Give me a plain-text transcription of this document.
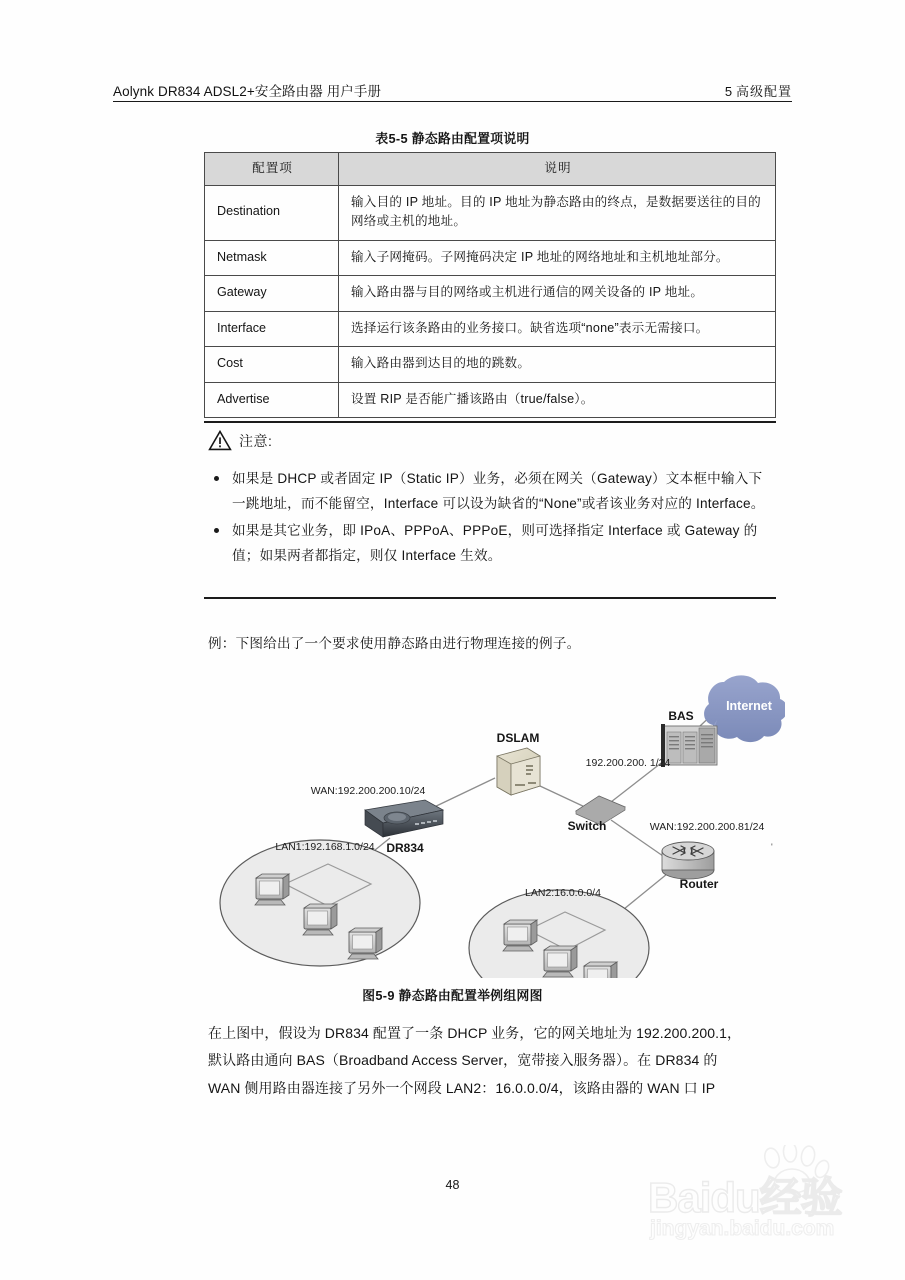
Aolynk DR834 ADSL2+安全路由器 用户手册	5 高级配置
表5-5 静态路由配置项说明
配置项	说明
Destination	输入目的 IP 地址。目的 IP 地址为静态路由的终点，是数据要送往的目的网络或主机的地址。
Netmask	输入子网掩码。子网掩码决定 IP 地址的网络地址和主机地址部分。
Gateway	输入路由器与目的网络或主机进行通信的网关设备的 IP 地址。
Interface	选择运行该条路由的业务接口。缺省选项“none”表示无需接口。
Cost	输入路由器到达目的地的跳数。
Advertise	设置 RIP 是否能广播该路由（true/false）。
注意:
如果是 DHCP 或者固定 IP（Static IP）业务，必须在网关（Gateway）文本框中输入下一跳地址，而不能留空，Interface 可以设为缺省的“None”或者该业务对应的 Interface。
如果是其它业务，即 IPoA、PPPoA、PPPoE，则可选择指定 Interface 或 Gateway 的值；如果两者都指定，则仅 Interface 生效。
例：下图给出了一个要求使用静态路由进行物理连接的例子。
Internet
DSLAM
BAS
Switch
Router
DR834
WAN:192.200.200.10/24
192.200.200. 1/24
WAN:192.200.200.81/24
LAN1:192.168.1.0/24
LAN2:16.0.0.0/4
'
图5-9 静态路由配置举例组网图
在上图中，假设为 DR834 配置了一条 DHCP 业务，它的网关地址为 192.200.200.1，
默认路由通向 BAS（Broadband Access Server，宽带接入服务器）。在 DR834 的
WAN 侧用路由器连接了另外一个网段 LAN2：16.0.0.0/4，该路由器的 WAN 口 IP
48	Baidu经验
jingyan.baidu.com
